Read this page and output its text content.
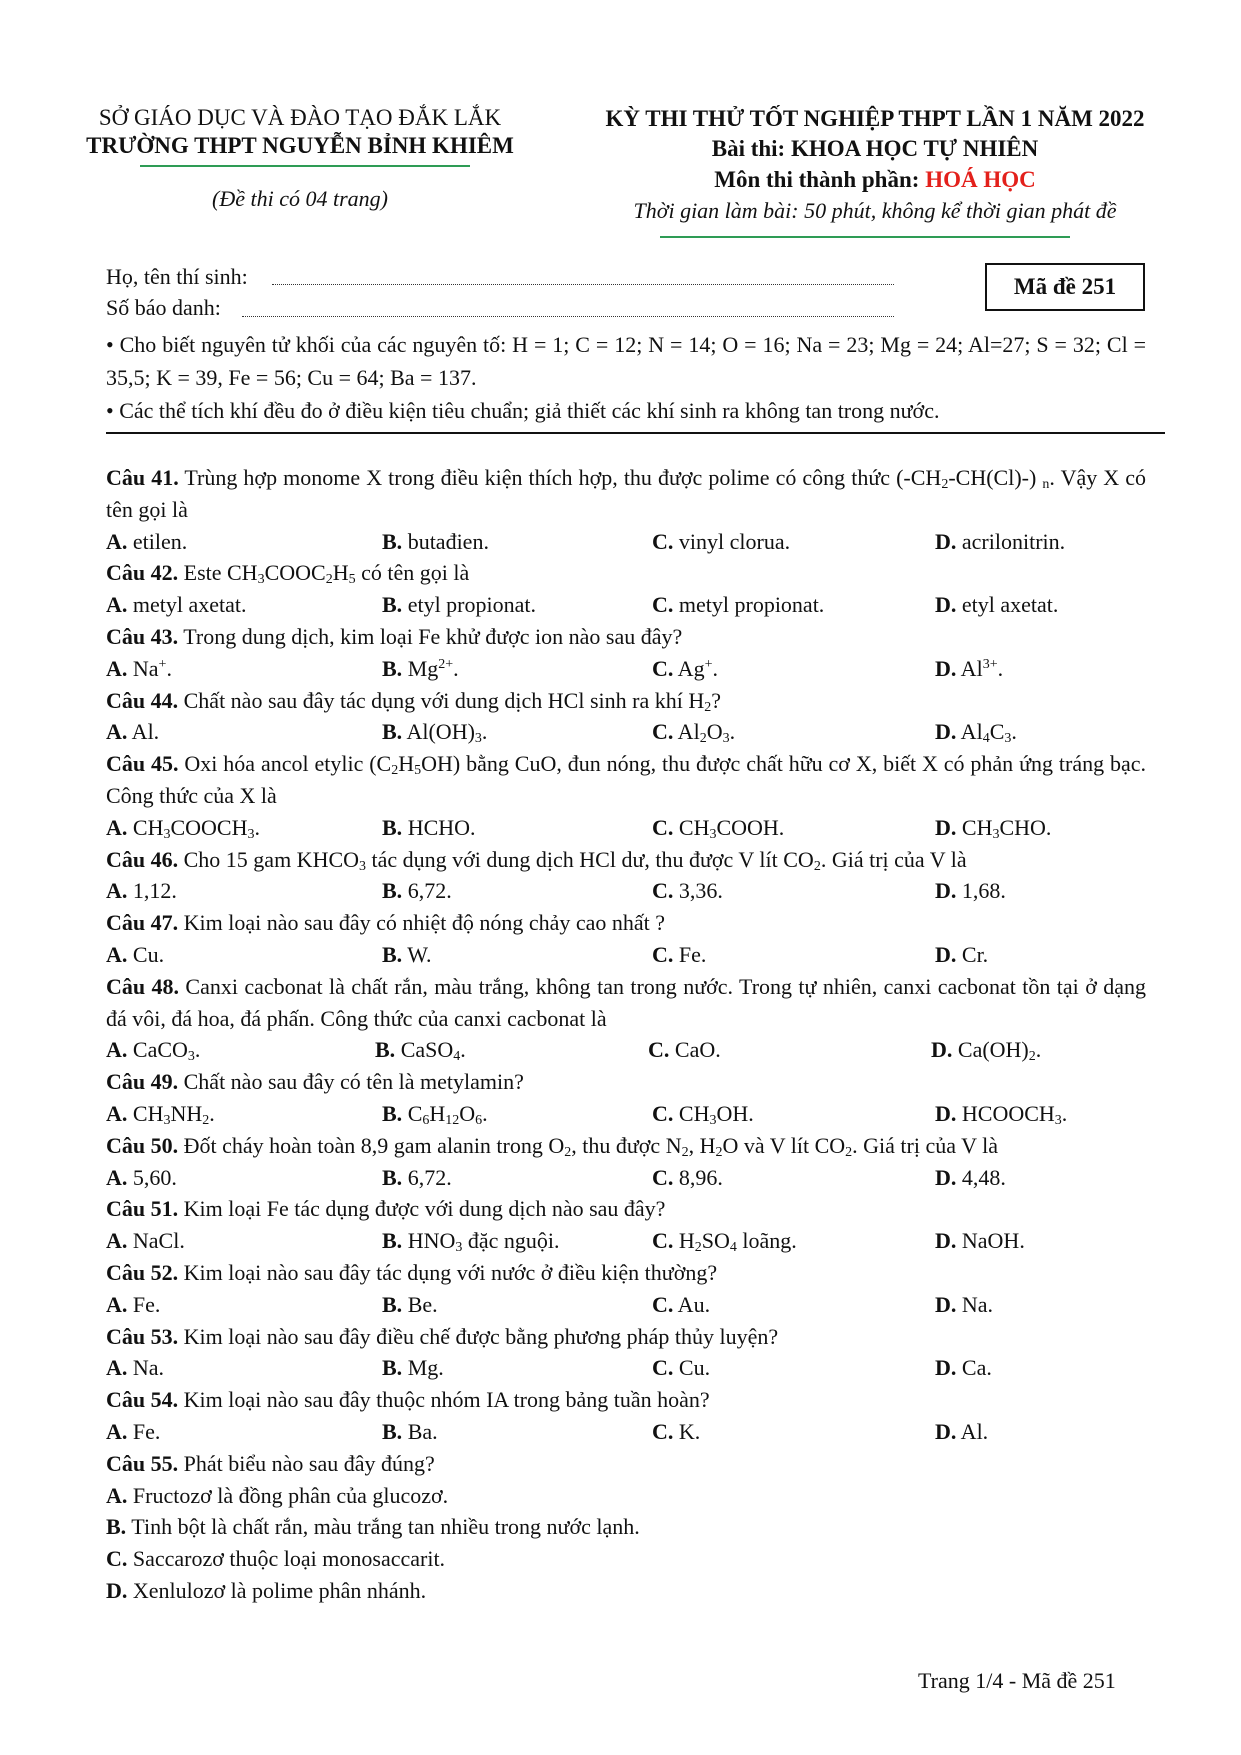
SỞ GIÁO DỤC VÀ ĐÀO TẠO ĐẮK LẮK
TRƯỜNG THPT NGUYỄN BỈNH KHIÊM
(Đề thi có 04 trang)
KỲ THI THỬ TỐT NGHIỆP THPT LẦN 1 NĂM 2022
Bài thi: KHOA HỌC TỰ NHIÊN
Môn thi thành phần: HOÁ HỌC
Thời gian làm bài: 50 phút, không kể thời gian phát đề
Mã đề 251
Họ, tên thí sinh:
Số báo danh:
• Cho biết nguyên tử khối của các nguyên tố: H = 1; C = 12; N = 14; O = 16; Na = 23; Mg = 24; Al=27; S = 32; Cl = 35,5; K = 39, Fe = 56; Cu = 64; Ba = 137.
• Các thể tích khí đều đo ở điều kiện tiêu chuẩn; giả thiết các khí sinh ra không tan trong nước.
Câu 41. Trùng hợp monome X trong điều kiện thích hợp, thu được polime có công thức $(-CH_2-CH(Cl)-)$ $_n$. Vậy X có tên gọi là
A. etilen.	B. butađien.	C. vinyl clorua.	D. acrilonitrin.
Câu 42. Este $CH_3COOC_2H_5$ có tên gọi là
A. metyl axetat.	B. etyl propionat.	C. metyl propionat.	D. etyl axetat.
Câu 43. Trong dung dịch, kim loại Fe khử được ion nào sau đây?
A. Na+.	B. $Mg^{2+}$.	C. Ag+.	D. $Al^{3+}$.
Câu 44. Chất nào sau đây tác dụng với dung dịch HCl sinh ra khí $H_2$?
A. Al.	B. $Al(OH)_3$.	C. $Al_2O_3$.	D. $Al_4C_3$.
Câu 45. Oxi hóa ancol etylic $(C_2H_5OH)$ bằng CuO, đun nóng, thu được chất hữu cơ X, biết X có phản ứng tráng bạc. Công thức của X là
A. $CH_3COOCH_3$.	B. HCHO.	C. $CH_3COOH$.	D. $CH_3CHO$.
Câu 46. Cho 15 gam $KHCO_3$ tác dụng với dung dịch HCl dư, thu được V lít $CO_2$. Giá trị của V là
A. 1,12.	B. 6,72.	C. 3,36.	D. 1,68.
Câu 47. Kim loại nào sau đây có nhiệt độ nóng chảy cao nhất ?
A. Cu.	B. W.	C. Fe.	D. Cr.
Câu 48. Canxi cacbonat là chất rắn, màu trắng, không tan trong nước. Trong tự nhiên, canxi cacbonat tồn tại ở dạng đá vôi, đá hoa, đá phấn. Công thức của canxi cacbonat là
A. CaCO$_3$.	B. CaSO$_4$.	C. CaO.	D. $Ca(OH)_2$.
Câu 49. Chất nào sau đây có tên là metylamin?
A. $CH_3NH_2$.	B. $C_6H_{12}O_6$.	C. $CH_3OH$.	D. $HCOOCH_3$.
Câu 50. Đốt cháy hoàn toàn 8,9 gam alanin trong $O_2$, thu được $N_2$, $H_2O$ và V lít $CO_2$. Giá trị của V là
A. 5,60.	B. 6,72.	C. 8,96.	D. 4,48.
Câu 51. Kim loại Fe tác dụng được với dung dịch nào sau đây?
A. NaCl.	B. $HNO_3$ đặc nguội.	C. $H_2SO_4$ loãng.	D. NaOH.
Câu 52. Kim loại nào sau đây tác dụng với nước ở điều kiện thường?
A. Fe.	B. Be.	C. Au.	D. Na.
Câu 53. Kim loại nào sau đây điều chế được bằng phương pháp thủy luyện?
A. Na.	B. Mg.	C. Cu.	D. Ca.
Câu 54. Kim loại nào sau đây thuộc nhóm IA trong bảng tuần hoàn?
A. Fe.	B. Ba.	C. K.	D. Al.
Câu 55. Phát biểu nào sau đây đúng?
A. Fructozơ là đồng phân của glucozơ.
B. Tinh bột là chất rắn, màu trắng tan nhiều trong nước lạnh.
C. Saccarozơ thuộc loại monosaccarit.
D. Xenlulozơ là polime phân nhánh.
Trang 1/4 - Mã đề 251
